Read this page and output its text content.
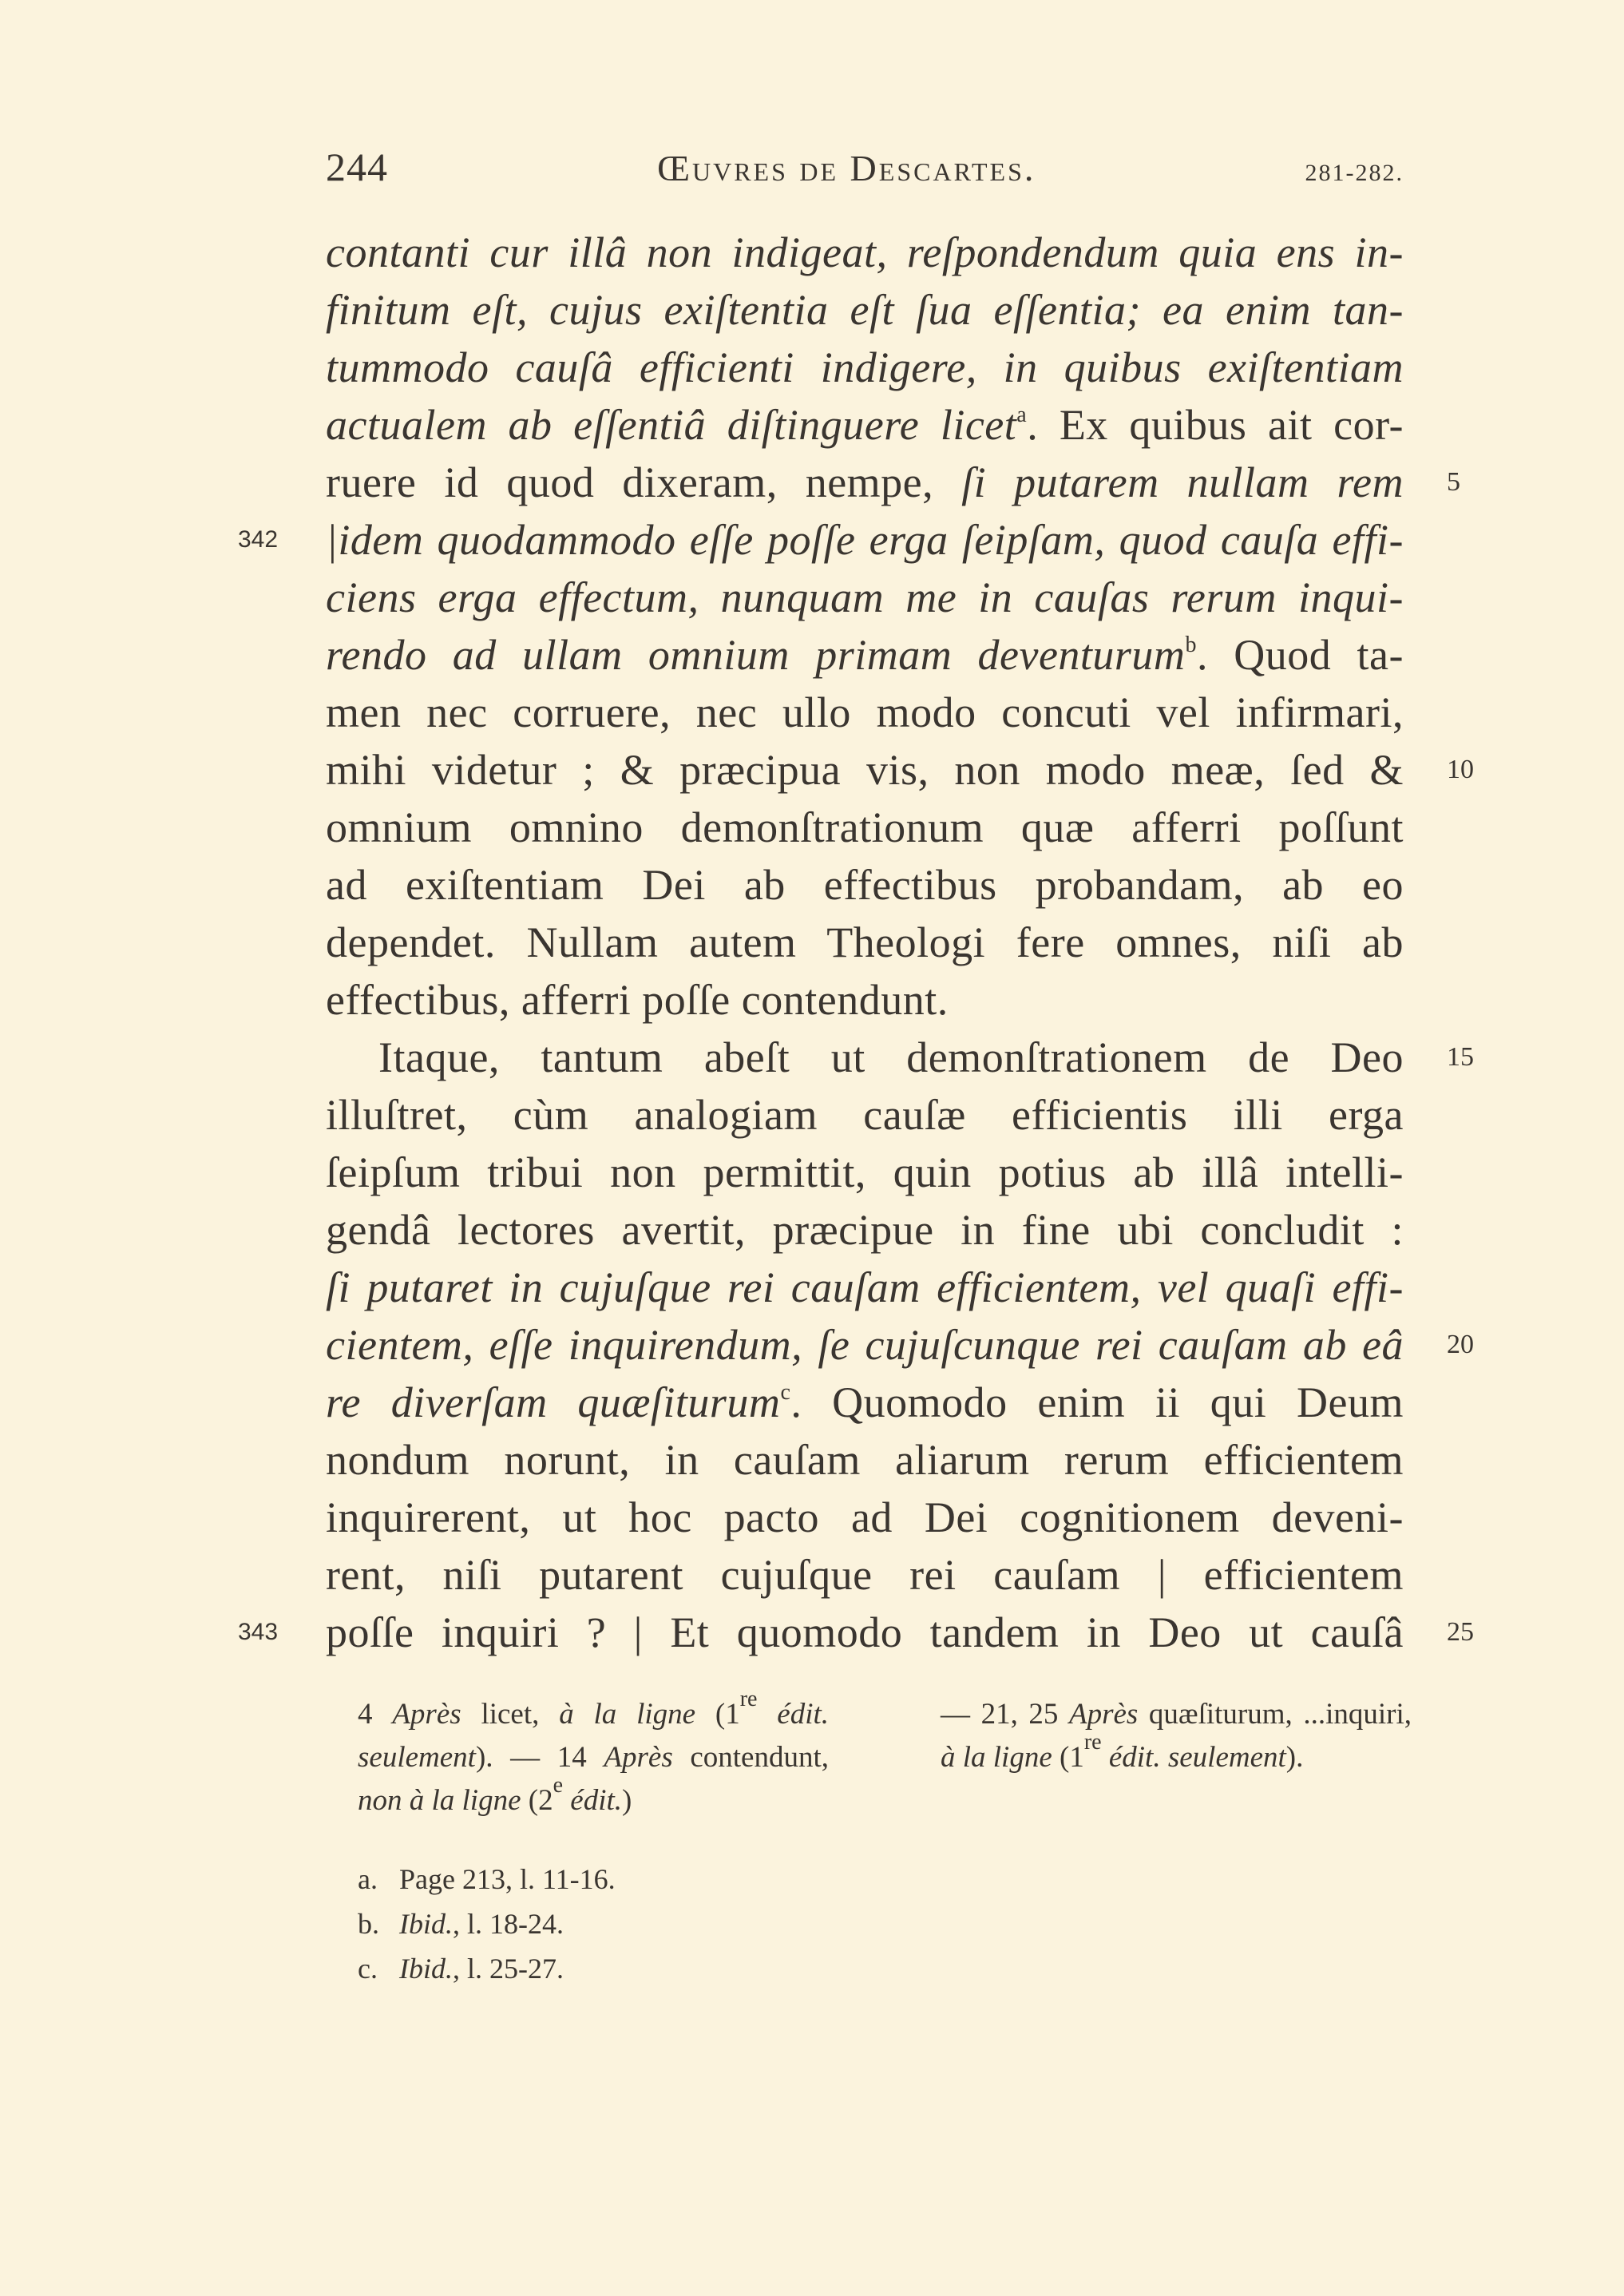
244	Œuvres de Descartes.	281-282.
contanti cur illâ non indigeat, reſpondendum quia ens in-
finitum eſt, cujus exiſtentia eſt ſua eſſentia; ea enim tan-
tummodo cauſâ efficienti indigere, in quibus exiſtentiam
actualem ab eſſentiâ diſtinguere licet$^a$. Ex quibus ait cor-
ruere id quod dixeram, nempe, ſi putarem nullam rem
|idem quodammodo eſſe poſſe erga ſeipſam, quod cauſa effi-
ciens erga effectum, nunquam me in cauſas rerum inqui-
rendo ad ullam omnium primam deventurum$^b$. Quod ta-
men nec corruere, nec ullo modo concuti vel infirmari,
mihi videtur ; & præcipua vis, non modo meæ, ſed &
omnium omnino demonſtrationum quæ afferri poſſunt
ad exiſtentiam Dei ab effectibus probandam, ab eo
dependet. Nullam autem Theologi fere omnes, niſi ab
effectibus, afferri poſſe contendunt.
Itaque, tantum abeſt ut demonſtrationem de Deo
illuſtret, cùm analogiam cauſæ efficientis illi erga
ſeipſum tribui non permittit, quin potius ab illâ intelli-
gendâ lectores avertit, præcipue in fine ubi concludit :
ſi putaret in cujuſque rei cauſam efficientem, vel quaſi effi-
cientem, eſſe inquirendum, ſe cujuſcunque rei cauſam ab eâ
re diverſam quæſiturum$^c$. Quomodo enim ii qui Deum
nondum norunt, in cauſam aliarum rerum efficientem
inquirerent, ut hoc pacto ad Dei cognitionem deveni-
rent, niſi putarent cujuſque rei cauſam | efficientem
poſſe inquiri ? | Et quomodo tandem in Deo ut cauſâ
5
10
15
20
25
342
343

4 Après licet, à la ligne (1re édit. seulement). — 14 Après contendunt, non à la ligne (2e édit.)

— 21, 25 Après quæſiturum, ...inquiri, à la ligne (1re édit. seulement).

a. Page 213, l. 11-16.
b. Ibid., l. 18-24.
c. Ibid., l. 25-27.
